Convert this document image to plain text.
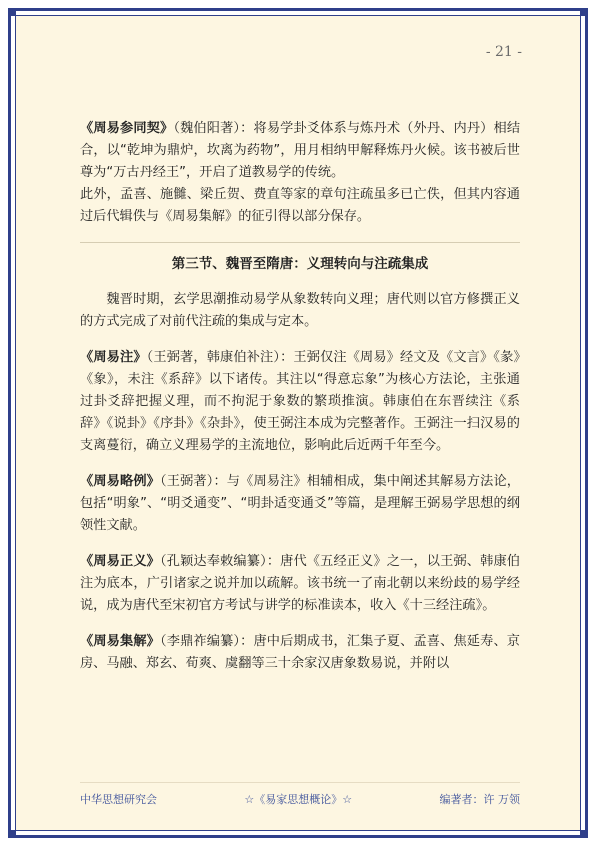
- 21 -

《周易参同契》（魏伯阳著）：将易学卦爻体系与炼丹术（外丹、内丹）相结合，以“乾坤为鼎炉，坎离为药物”，用月相纳甲解释炼丹火候。该书被后世尊为“万古丹经王”，开启了道教易学的传统。
此外，孟喜、施雠、梁丘贺、费直等家的章句注疏虽多已亡佚，但其内容通过后代辑佚与《周易集解》的征引得以部分保存。

第三节、魏晋至隋唐：义理转向与注疏集成

魏晋时期，玄学思潮推动易学从象数转向义理；唐代则以官方修撰正义的方式完成了对前代注疏的集成与定本。

《周易注》（王弼著，韩康伯补注）：王弼仅注《周易》经文及《文言》《彖》《象》，未注《系辞》以下诸传。其注以“得意忘象”为核心方法论，主张通过卦爻辞把握义理，而不拘泥于象数的繁琐推演。韩康伯在东晋续注《系辞》《说卦》《序卦》《杂卦》，使王弼注本成为完整著作。王弼注一扫汉易的支离蔓衍，确立义理易学的主流地位，影响此后近两千年至今。

《周易略例》（王弼著）：与《周易注》相辅相成，集中阐述其解易方法论，包括“明象”、“明爻通变”、“明卦适变通爻”等篇，是理解王弼易学思想的纲领性文献。

《周易正义》（孔颖达奉敕编纂）：唐代《五经正义》之一，以王弼、韩康伯注为底本，广引诸家之说并加以疏解。该书统一了南北朝以来纷歧的易学经说，成为唐代至宋初官方考试与讲学的标准读本，收入《十三经注疏》。

《周易集解》（李鼎祚编纂）：唐中后期成书，汇集子夏、孟喜、焦延寿、京房、马融、郑玄、荀爽、虞翻等三十余家汉唐象数易说，并附以

中华思想研究会	☆《易家思想概论》☆	编著者：许 万领
